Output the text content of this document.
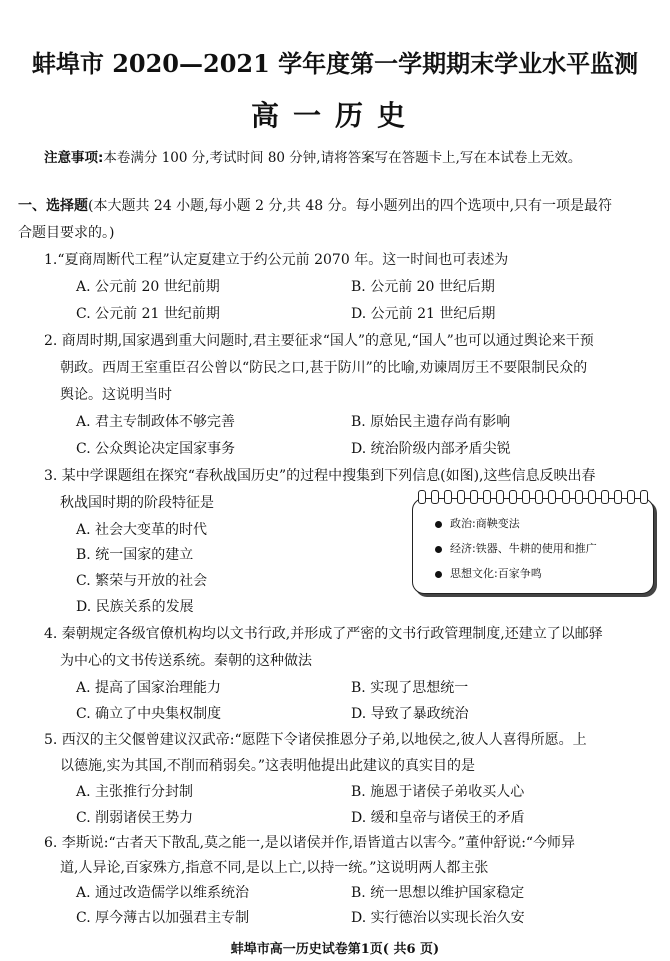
蚌埠市 2020—2021 学年度第一学期期末学业水平监测
高一历史
注意事项:本卷满分 100 分,考试时间 80 分钟,请将答案写在答题卡上,写在本试卷上无效。
一、选择题(本大题共 24 小题,每小题 2 分,共 48 分。每小题列出的四个选项中,只有一项是最符
合题目要求的。)
1.“夏商周断代工程”认定夏建立于约公元前 2070 年。这一时间也可表述为
A. 公元前 20 世纪前期	B. 公元前 20 世纪后期
C. 公元前 21 世纪前期	D. 公元前 21 世纪后期
2. 商周时期,国家遇到重大问题时,君主要征求“国人”的意见,“国人”也可以通过舆论来干预
朝政。西周王室重臣召公曾以“防民之口,甚于防川”的比喻,劝谏周厉王不要限制民众的
舆论。这说明当时
A. 君主专制政体不够完善	B. 原始民主遗存尚有影响
C. 公众舆论决定国家事务	D. 统治阶级内部矛盾尖锐
3. 某中学课题组在探究“春秋战国历史”的过程中搜集到下列信息(如图),这些信息反映出春
秋战国时期的阶段特征是
A. 社会大变革的时代
B. 统一国家的建立
C. 繁荣与开放的社会
D. 民族关系的发展
政治:商鞅变法
经济:铁器、牛耕的使用和推广
思想文化:百家争鸣
4. 秦朝规定各级官僚机构均以文书行政,并形成了严密的文书行政管理制度,还建立了以邮驿
为中心的文书传送系统。秦朝的这种做法
A. 提高了国家治理能力	B. 实现了思想统一
C. 确立了中央集权制度	D. 导致了暴政统治
5. 西汉的主父偃曾建议汉武帝:“愿陛下令诸侯推恩分子弟,以地侯之,彼人人喜得所愿。上
以德施,实为其国,不削而稍弱矣。”这表明他提出此建议的真实目的是
A. 主张推行分封制	B. 施恩于诸侯子弟收买人心
C. 削弱诸侯王势力	D. 缓和皇帝与诸侯王的矛盾
6. 李斯说:“古者天下散乱,莫之能一,是以诸侯并作,语皆道古以害今。”董仲舒说:“今师异
道,人异论,百家殊方,指意不同,是以上亡,以持一统。”这说明两人都主张
A. 通过改造儒学以维系统治	B. 统一思想以维护国家稳定
C. 厚今薄古以加强君主专制	D. 实行德治以实现长治久安
蚌埠市高一历史试卷第1页( 共6 页)
